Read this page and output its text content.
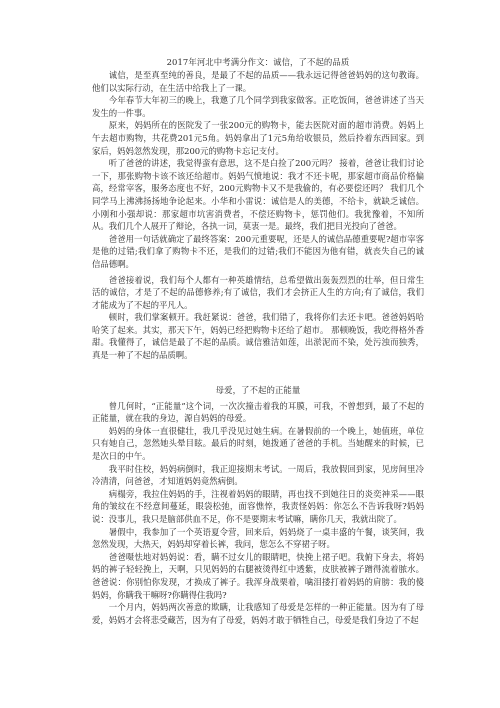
2017年河北中考满分作文：诚信，了不起的品质

诚信，是至真至纯的善良，是最了不起的品质——我永远记得爸爸妈妈的这句教诲。他们以实际行动，在生活中给我上了一课。

今年春节大年初三的晚上，我邀了几个同学到我家做客。正吃饭间，爸爸讲述了当天发生的一件事。

原来，妈妈所在的医院发了一张200元的购物卡，能去医院对面的超市消费。妈妈上午去超市购物，共花费201元5角。妈妈拿出了1元5角给收银员，然后拎着东西回家。到家后，妈妈忽然发现，那200元的购物卡忘记支付。

听了爸爸的讲述，我觉得蛮有意思，这不是白捡了200元吗？ 接着，爸爸让我们讨论一下，那张购物卡该不该还给超市。妈妈气愤地说：我才不还卡呢，那家超市商品价格偏高，经常宰客，服务态度也不好，200元购物卡又不是我偷的，有必要偿还吗？ 我们几个同学马上沸沸扬扬地争论起来。小华和小雷说：诚信是人的美德，不给卡，就缺乏诚信。小刚和小强却说：那家超市坑害消费者，不偿还购物卡，惩罚他们。我犹豫着，不知所从。我们几个人展开了辩论，各执一词，莫衷一是。最终，我们把目光投向了爸爸。

爸爸用一句话就确定了最终答案：200元重要呢，还是人的诚信品德重要呢?超市宰客是他的过错;我们拿了购物卡不还，是我们的过错;我们不能因为他有错，就丧失自己的诚信品德啊。

爸爸接着说，我们每个人都有一种英雄情结，总希望做出轰轰烈烈的壮举，但日常生活的诚信，才是了不起的品德修养;有了诚信，我们才会挤正人生的方向;有了诚信，我们才能成为了不起的平凡人。

顿时，我们掌案顿开。我赶紧说：爸爸，我们错了，我将你们去还卡吧。爸爸妈妈哈哈笑了起来。其实，那天下午，妈妈已经把购物卡还给了超市。 那顿晚饭，我吃得格外香甜。我懂得了，诚信是最了不起的品质。诚信雅洁如莲，出淤泥而不染，处污浊而独秀，真是一种了不起的品质啊。

母爱，了不起的正能量

曾几何时，“正能量”这个词，一次次撞击着我的耳膜，可我，不曾想到，最了不起的正能量，就在我的身边，源自妈妈的母爱。

妈妈的身体一直很健壮，我几乎没见过她生病。在暑假前的一个晚上，她值班，单位只有她自己，忽然她头晕目眩。最后的时刻，她拨通了爸爸的手机。当她醒来的时候，已是次日的中午。

我平时住校，妈妈病倒时，我正迎接期末考试。一周后，我放假回到家，见房间里冷冷清清，问爸爸，才知道妈妈竟然病倒。

病榻旁，我拉住妈妈的手，注视着妈妈的眼睛，再也找不到她往日的炎奕神采——眼角的皱纹在不经意间蔓延，眼袋松弛，面容憔悴，我责怪妈妈：你怎么不告诉我呀?妈妈说：没事儿，我只是脑部供血不足，你不是要期末考试嘛，瞒你几天，我就出院了。

暑假中，我参加了一个英语夏令营，回来后，妈妈烧了一桌丰盛的午餐，谈笑间，我忽然发现，大热天，妈妈却穿着长裤，我问，您怎么不穿裙子呀。

爸爸嗫怯地对妈妈说：看，瞒不过女儿的眼睛吧，快挽上裙子吧。我俯下身去，将妈妈的裤子轻轻挽上，天啊，只见妈妈的右腿被烫得红中透紫，皮肤被裤子蹭得流着脓水。爸爸说：你别怕你发现，才换成了裤子。我浑身战栗着，噙泪搂打着妈妈的肩膀：我的傻妈妈，你瞒我干嘛呀?你瞒得住我吗?

一个月内，妈妈两次善意的欺瞒，让我感知了母爱是怎样的一种正能量。因为有了母爱，妈妈才会将悲受藏苦，因为有了母爱，妈妈才敢于牺牲自己，母爱是我们身边了不起
